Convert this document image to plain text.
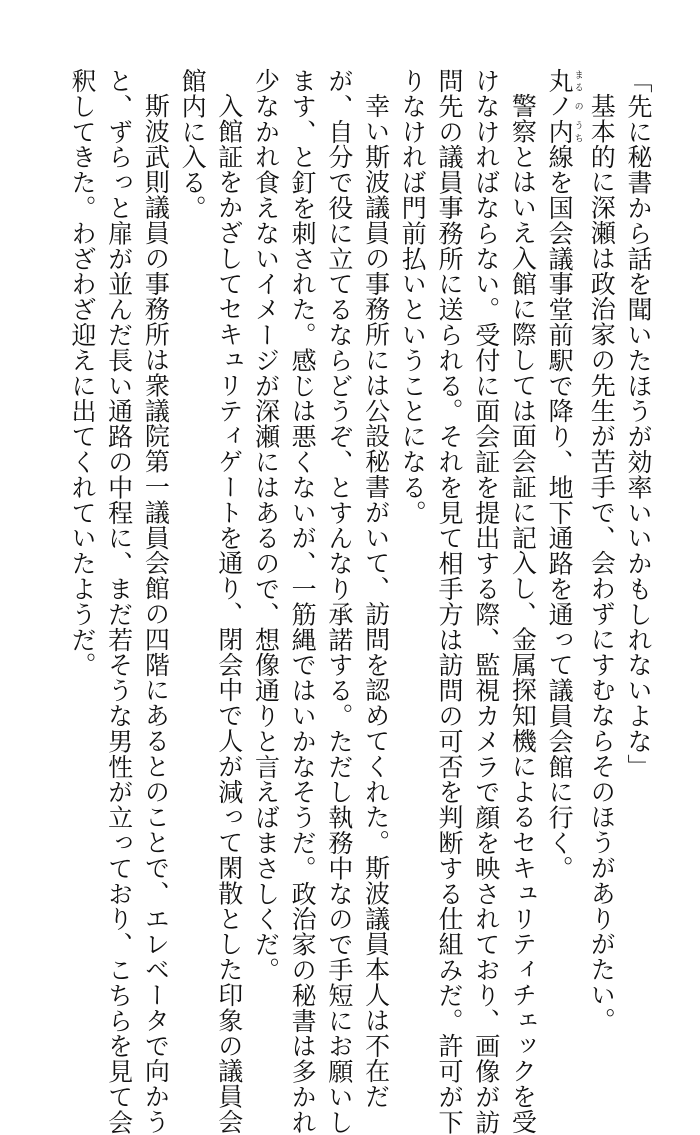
「先に秘書から話を聞いたほうが効率いいかもしれないよな」
基本的に深瀬は政治家の先生が苦手で、会わずにすむならそのほうがありがたい。
丸まるノの内うち線を国会議事堂前駅で降り、地下通路を通って議員会館に行く。
警察とはいえ入館に際しては面会証に記入し、金属探知機によるセキュリティチェックを受
けなければならない。受付に面会証を提出する際、監視カメラで顔を映されており、画像が訪
問先の議員事務所に送られる。それを見て相手方は訪問の可否を判断する仕組みだ。許可が下
りなければ門前払いということになる。
幸い斯波議員の事務所には公設秘書がいて、訪問を認めてくれた。斯波議員本人は不在だ
が、自分で役に立てるならどうぞ、とすんなり承諾する。ただし執務中なので手短にお願いし
ます、と釘を刺された。感じは悪くないが、一筋縄ではいかなそうだ。政治家の秘書は多かれ
少なかれ食えないイメージが深瀬にはあるので、想像通りと言えばまさしくだ。
入館証をかざしてセキュリティゲートを通り、閉会中で人が減って閑散とした印象の議員会
館内に入る。
斯波武則議員の事務所は衆議院第一議員会館の四階にあるとのことで、エレベータで向かう
と、ずらっと扉が並んだ長い通路の中程に、まだ若そうな男性が立っており、こちらを見て会
釈してきた。わざわざ迎えに出てくれていたようだ。
